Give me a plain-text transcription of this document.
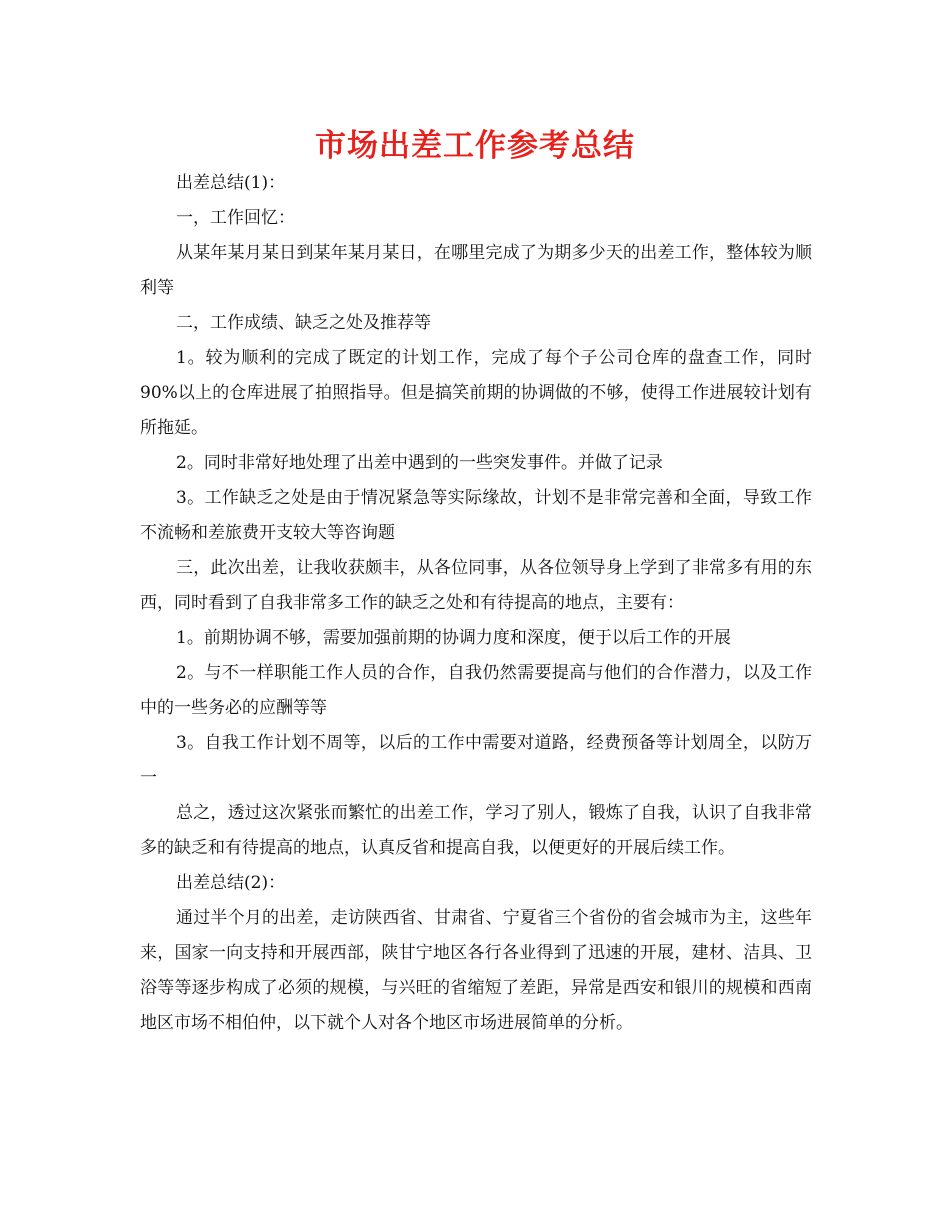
市场出差工作参考总结

出差总结(1)：

一，工作回忆：

从某年某月某日到某年某月某日，在哪里完成了为期多少天的出差工作，整体较为顺利等

二，工作成绩、缺乏之处及推荐等

1。较为顺利的完成了既定的计划工作，完成了每个子公司仓库的盘查工作，同时90%以上的仓库进展了拍照指导。但是搞笑前期的协调做的不够，使得工作进展较计划有所拖延。

2。同时非常好地处理了出差中遇到的一些突发事件。并做了记录

3。工作缺乏之处是由于情况紧急等实际缘故，计划不是非常完善和全面，导致工作不流畅和差旅费开支较大等咨询题

三，此次出差，让我收获颇丰，从各位同事，从各位领导身上学到了非常多有用的东西，同时看到了自我非常多工作的缺乏之处和有待提高的地点，主要有：

1。前期协调不够，需要加强前期的协调力度和深度，便于以后工作的开展

2。与不一样职能工作人员的合作，自我仍然需要提高与他们的合作潜力，以及工作中的一些务必的应酬等等

3。自我工作计划不周等，以后的工作中需要对道路，经费预备等计划周全，以防万一

总之，透过这次紧张而繁忙的出差工作，学习了别人，锻炼了自我，认识了自我非常多的缺乏和有待提高的地点，认真反省和提高自我，以便更好的开展后续工作。

出差总结(2)：

通过半个月的出差，走访陕西省、甘肃省、宁夏省三个省份的省会城市为主，这些年来，国家一向支持和开展西部，陕甘宁地区各行各业得到了迅速的开展，建材、洁具、卫浴等等逐步构成了必须的规模，与兴旺的省缩短了差距，异常是西安和银川的规模和西南地区市场不相伯仲，以下就个人对各个地区市场进展简单的分析。
